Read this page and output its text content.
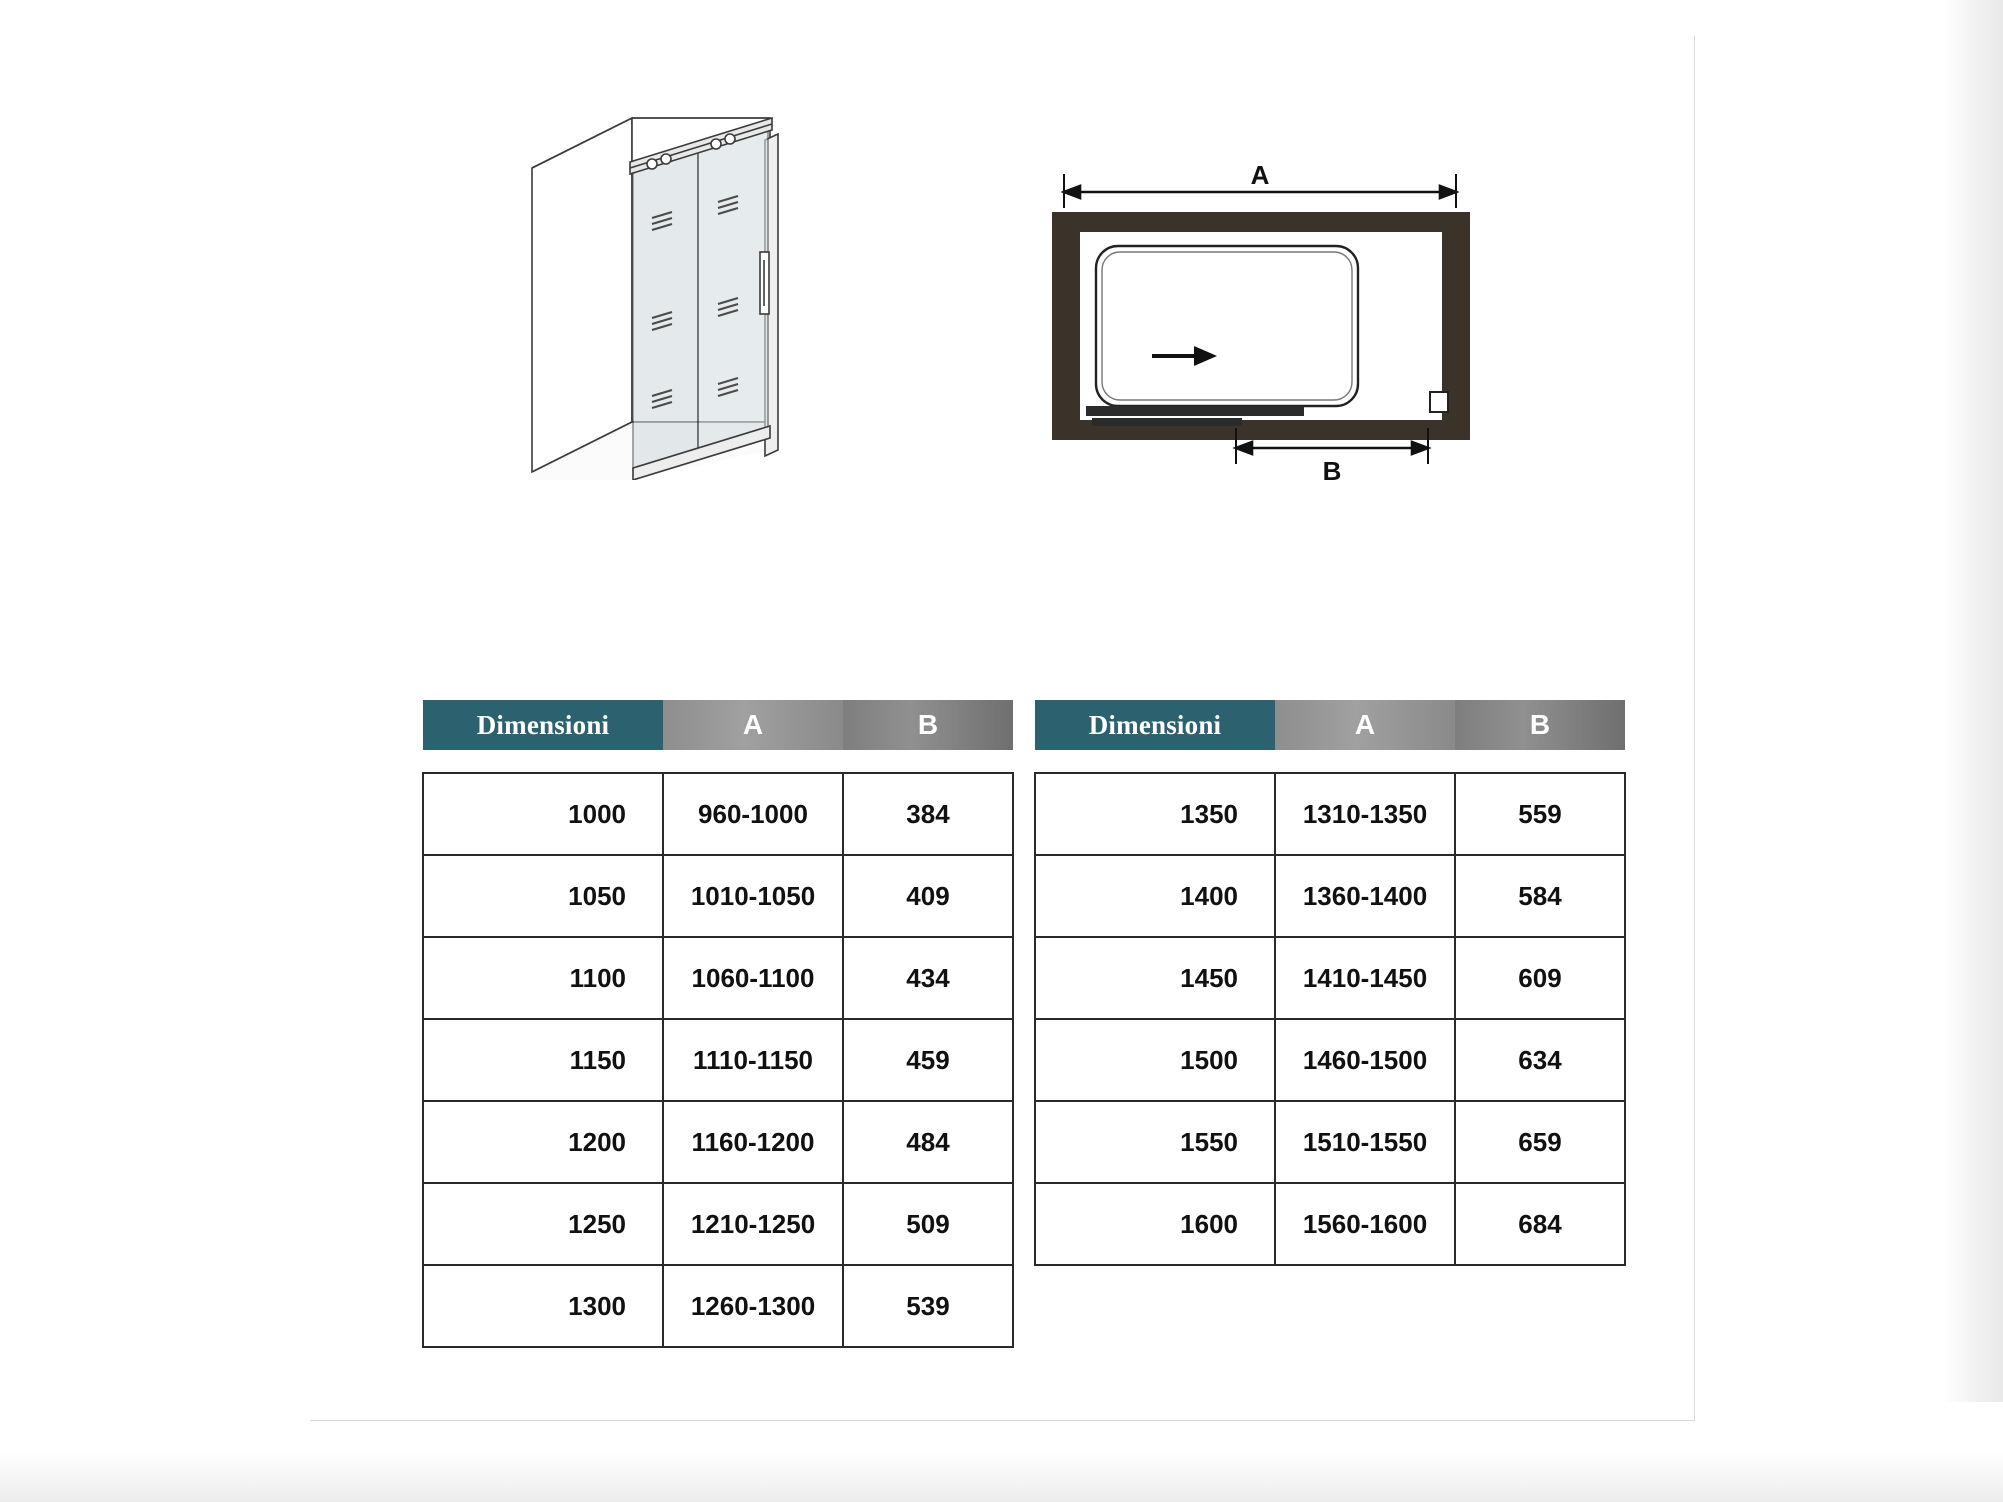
A
B
Dimensioni	A	B

1000	960-1000	384
1050	1010-1050	409
1100	1060-1100	434
1150	1110-1150	459
1200	1160-1200	484
1250	1210-1250	509
1300	1260-1300	539
Dimensioni	A	B

1350	1310-1350	559
1400	1360-1400	584
1450	1410-1450	609
1500	1460-1500	634
1550	1510-1550	659
1600	1560-1600	684
